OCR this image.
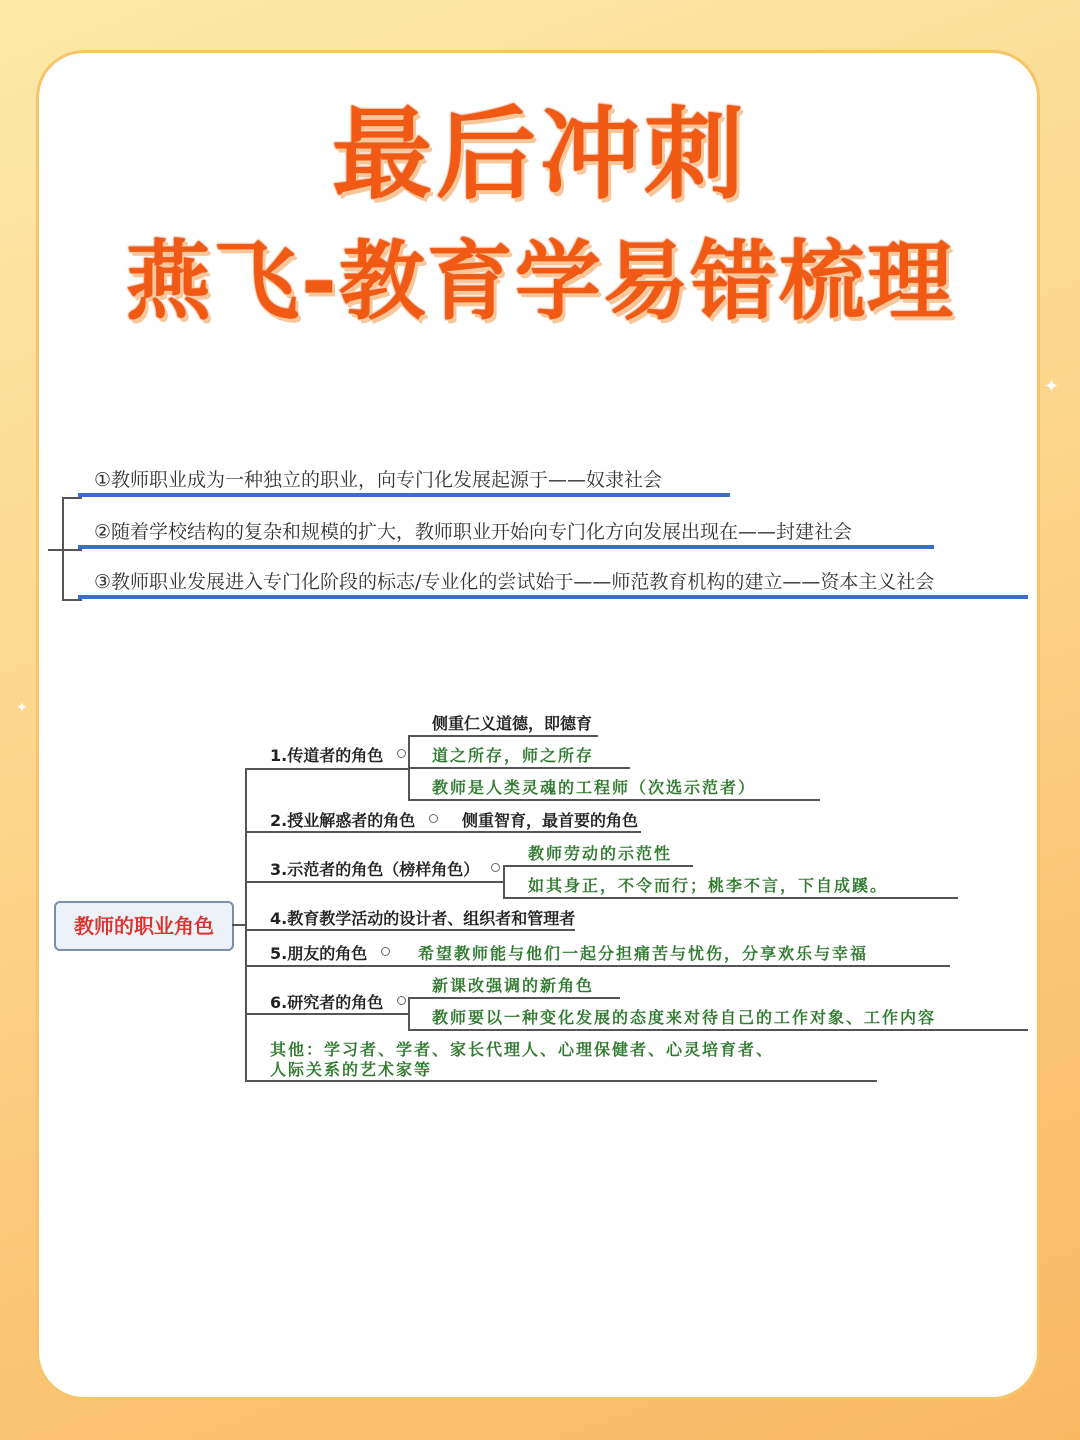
✦
✦
最后冲刺
燕飞-教育学易错梳理
①教师职业成为一种独立的职业，向专门化发展起源于——奴隶社会
②随着学校结构的复杂和规模的扩大，教师职业开始向专门化方向发展出现在——封建社会
③教师职业发展进入专门化阶段的标志/专业化的尝试始于——师范教育机构的建立——资本主义社会
教师的职业角色
1.传道者的角色
侧重仁义道德，即德育
道之所存，师之所存
教师是人类灵魂的工程师（次选示范者）
2.授业解惑者的角色	侧重智育，最首要的角色
3.示范者的角色（榜样角色）
教师劳动的示范性
如其身正，不令而行；桃李不言，下自成蹊。
4.教育教学活动的设计者、组织者和管理者
5.朋友的角色	希望教师能与他们一起分担痛苦与忧伤，分享欢乐与幸福
6.研究者的角色
新课改强调的新角色
教师要以一种变化发展的态度来对待自己的工作对象、工作内容
其他：学习者、学者、家长代理人、心理保健者、心灵培育者、
人际关系的艺术家等
